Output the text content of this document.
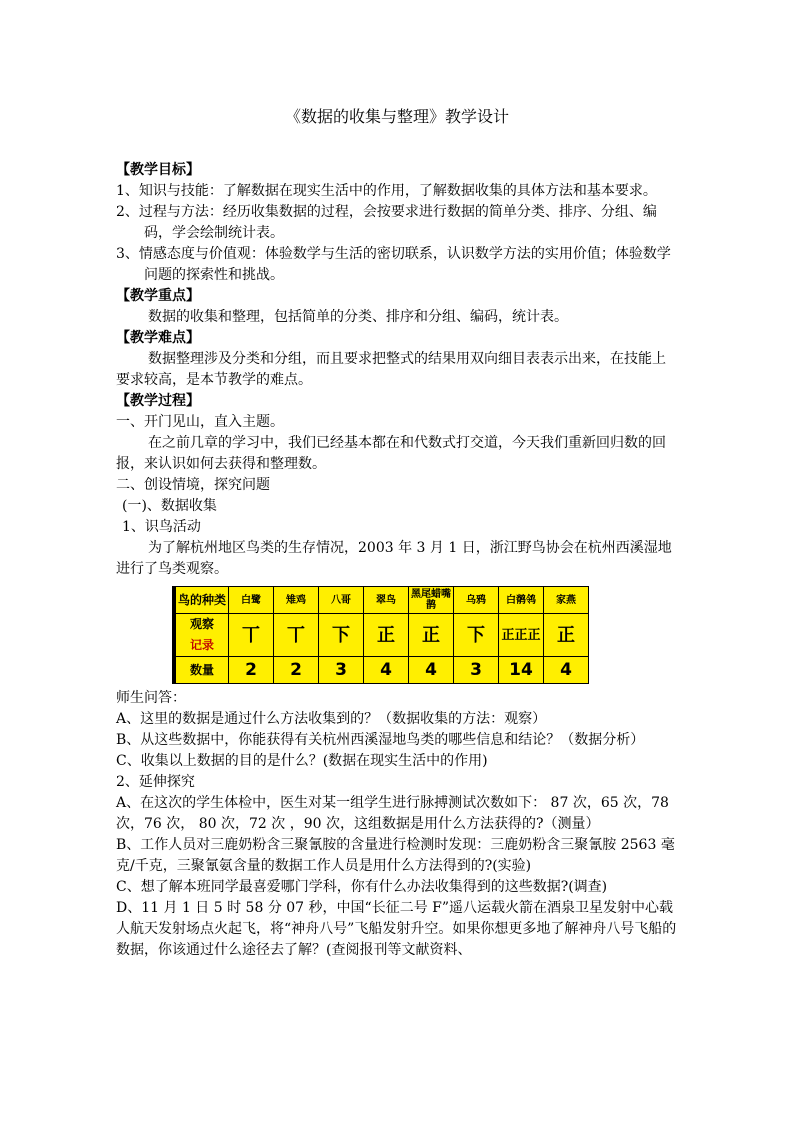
《数据的收集与整理》教学设计
【教学目标】
1、知识与技能：了解数据在现实生活中的作用，了解数据收集的具体方法和基本要求。
2、过程与方法：经历收集数据的过程，会按要求进行数据的简单分类、排序、分组、编码，学会绘制统计表。
3、情感态度与价值观：体验数学与生活的密切联系，认识数学方法的实用价值；体验数学问题的探索性和挑战。
【教学重点】
数据的收集和整理，包括简单的分类、排序和分组、编码，统计表。
【教学难点】
数据整理涉及分类和分组，而且要求把整式的结果用双向细目表表示出来，在技能上要求较高，是本节教学的难点。
【教学过程】
一、开门见山，直入主题。
在之前几章的学习中，我们已经基本都在和代数式打交道，今天我们重新回归数的回报，来认识如何去获得和整理数。
二、创设情境，探究问题
(一)、数据收集
1、识鸟活动
为了解杭州地区鸟类的生存情况，2003 年 3 月 1 日，浙江野鸟协会在杭州西溪湿地进行了鸟类观察。
鸟的种类	白鹭	雉鸡	八哥	翠鸟	黑尾蜡嘴鹊	乌鸦	白鹡鸰	家燕

观察
记录	丅	丅	下	正	正	下	正正正	正
数量	2	2	3	4	4	3	14	4
师生问答：
A、这里的数据是通过什么方法收集到的？（数据收集的方法：观察）
B、从这些数据中，你能获得有关杭州西溪湿地鸟类的哪些信息和结论？（数据分析）
C、收集以上数据的目的是什么？(数据在现实生活中的作用)
2、延伸探究
A、在这次的学生体检中，医生对某一组学生进行脉搏测试次数如下： 87 次，65 次，78 次，76 次， 80 次，72 次 ，90 次，这组数据是用什么方法获得的?（测量）
B、工作人员对三鹿奶粉含三聚氰胺的含量进行检测时发现：三鹿奶粉含三聚氰胺 2563 毫克/千克，三聚氰氨含量的数据工作人员是用什么方法得到的?(实验)
C、想了解本班同学最喜爱哪门学科，你有什么办法收集得到的这些数据?(调查)
D、11 月 1 日 5 时 58 分 07 秒，中国“长征二号 F”遥八运载火箭在酒泉卫星发射中心载人航天发射场点火起飞，将“神舟八号”飞船发射升空。如果你想更多地了解神舟八号飞船的数据，你该通过什么途径去了解？(查阅报刊等文献资料、
